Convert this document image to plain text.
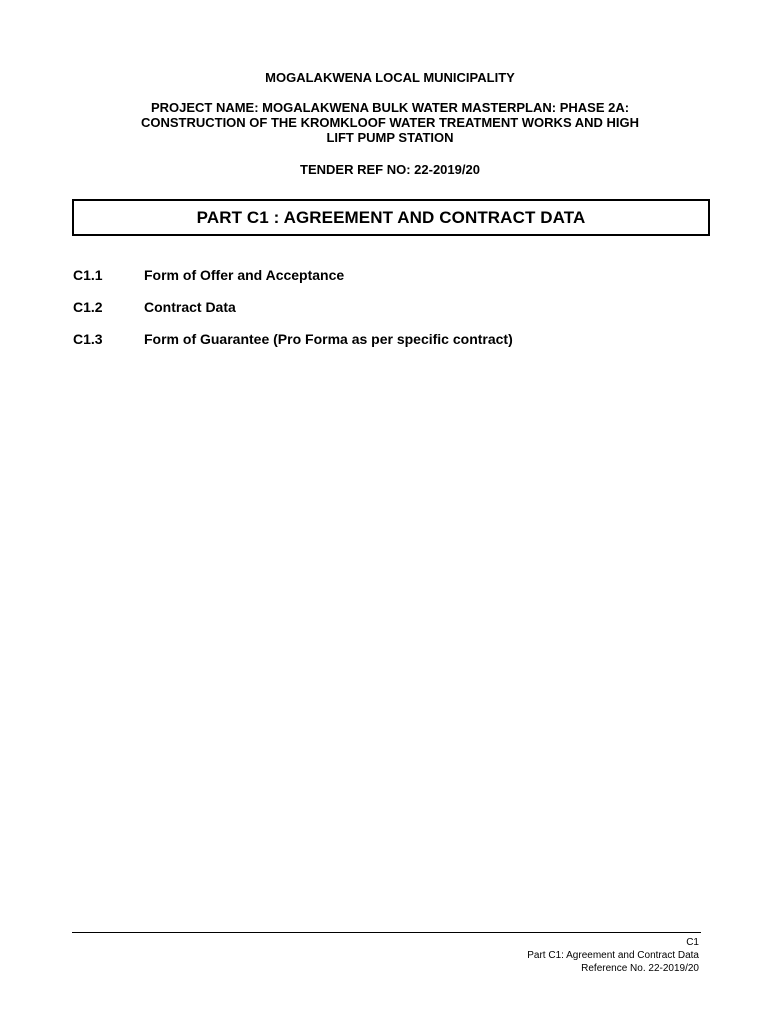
MOGALAKWENA LOCAL MUNICIPALITY
PROJECT NAME: MOGALAKWENA BULK WATER MASTERPLAN: PHASE 2A:
CONSTRUCTION OF THE KROMKLOOF WATER TREATMENT WORKS AND HIGH
LIFT PUMP STATION
TENDER REF NO: 22-2019/20
PART C1 : AGREEMENT AND CONTRACT DATA
C1.1	Form of Offer and Acceptance
C1.2	Contract Data
C1.3	Form of Guarantee (Pro Forma as per specific contract)
C1
Part C1: Agreement and Contract Data
Reference No. 22-2019/20
